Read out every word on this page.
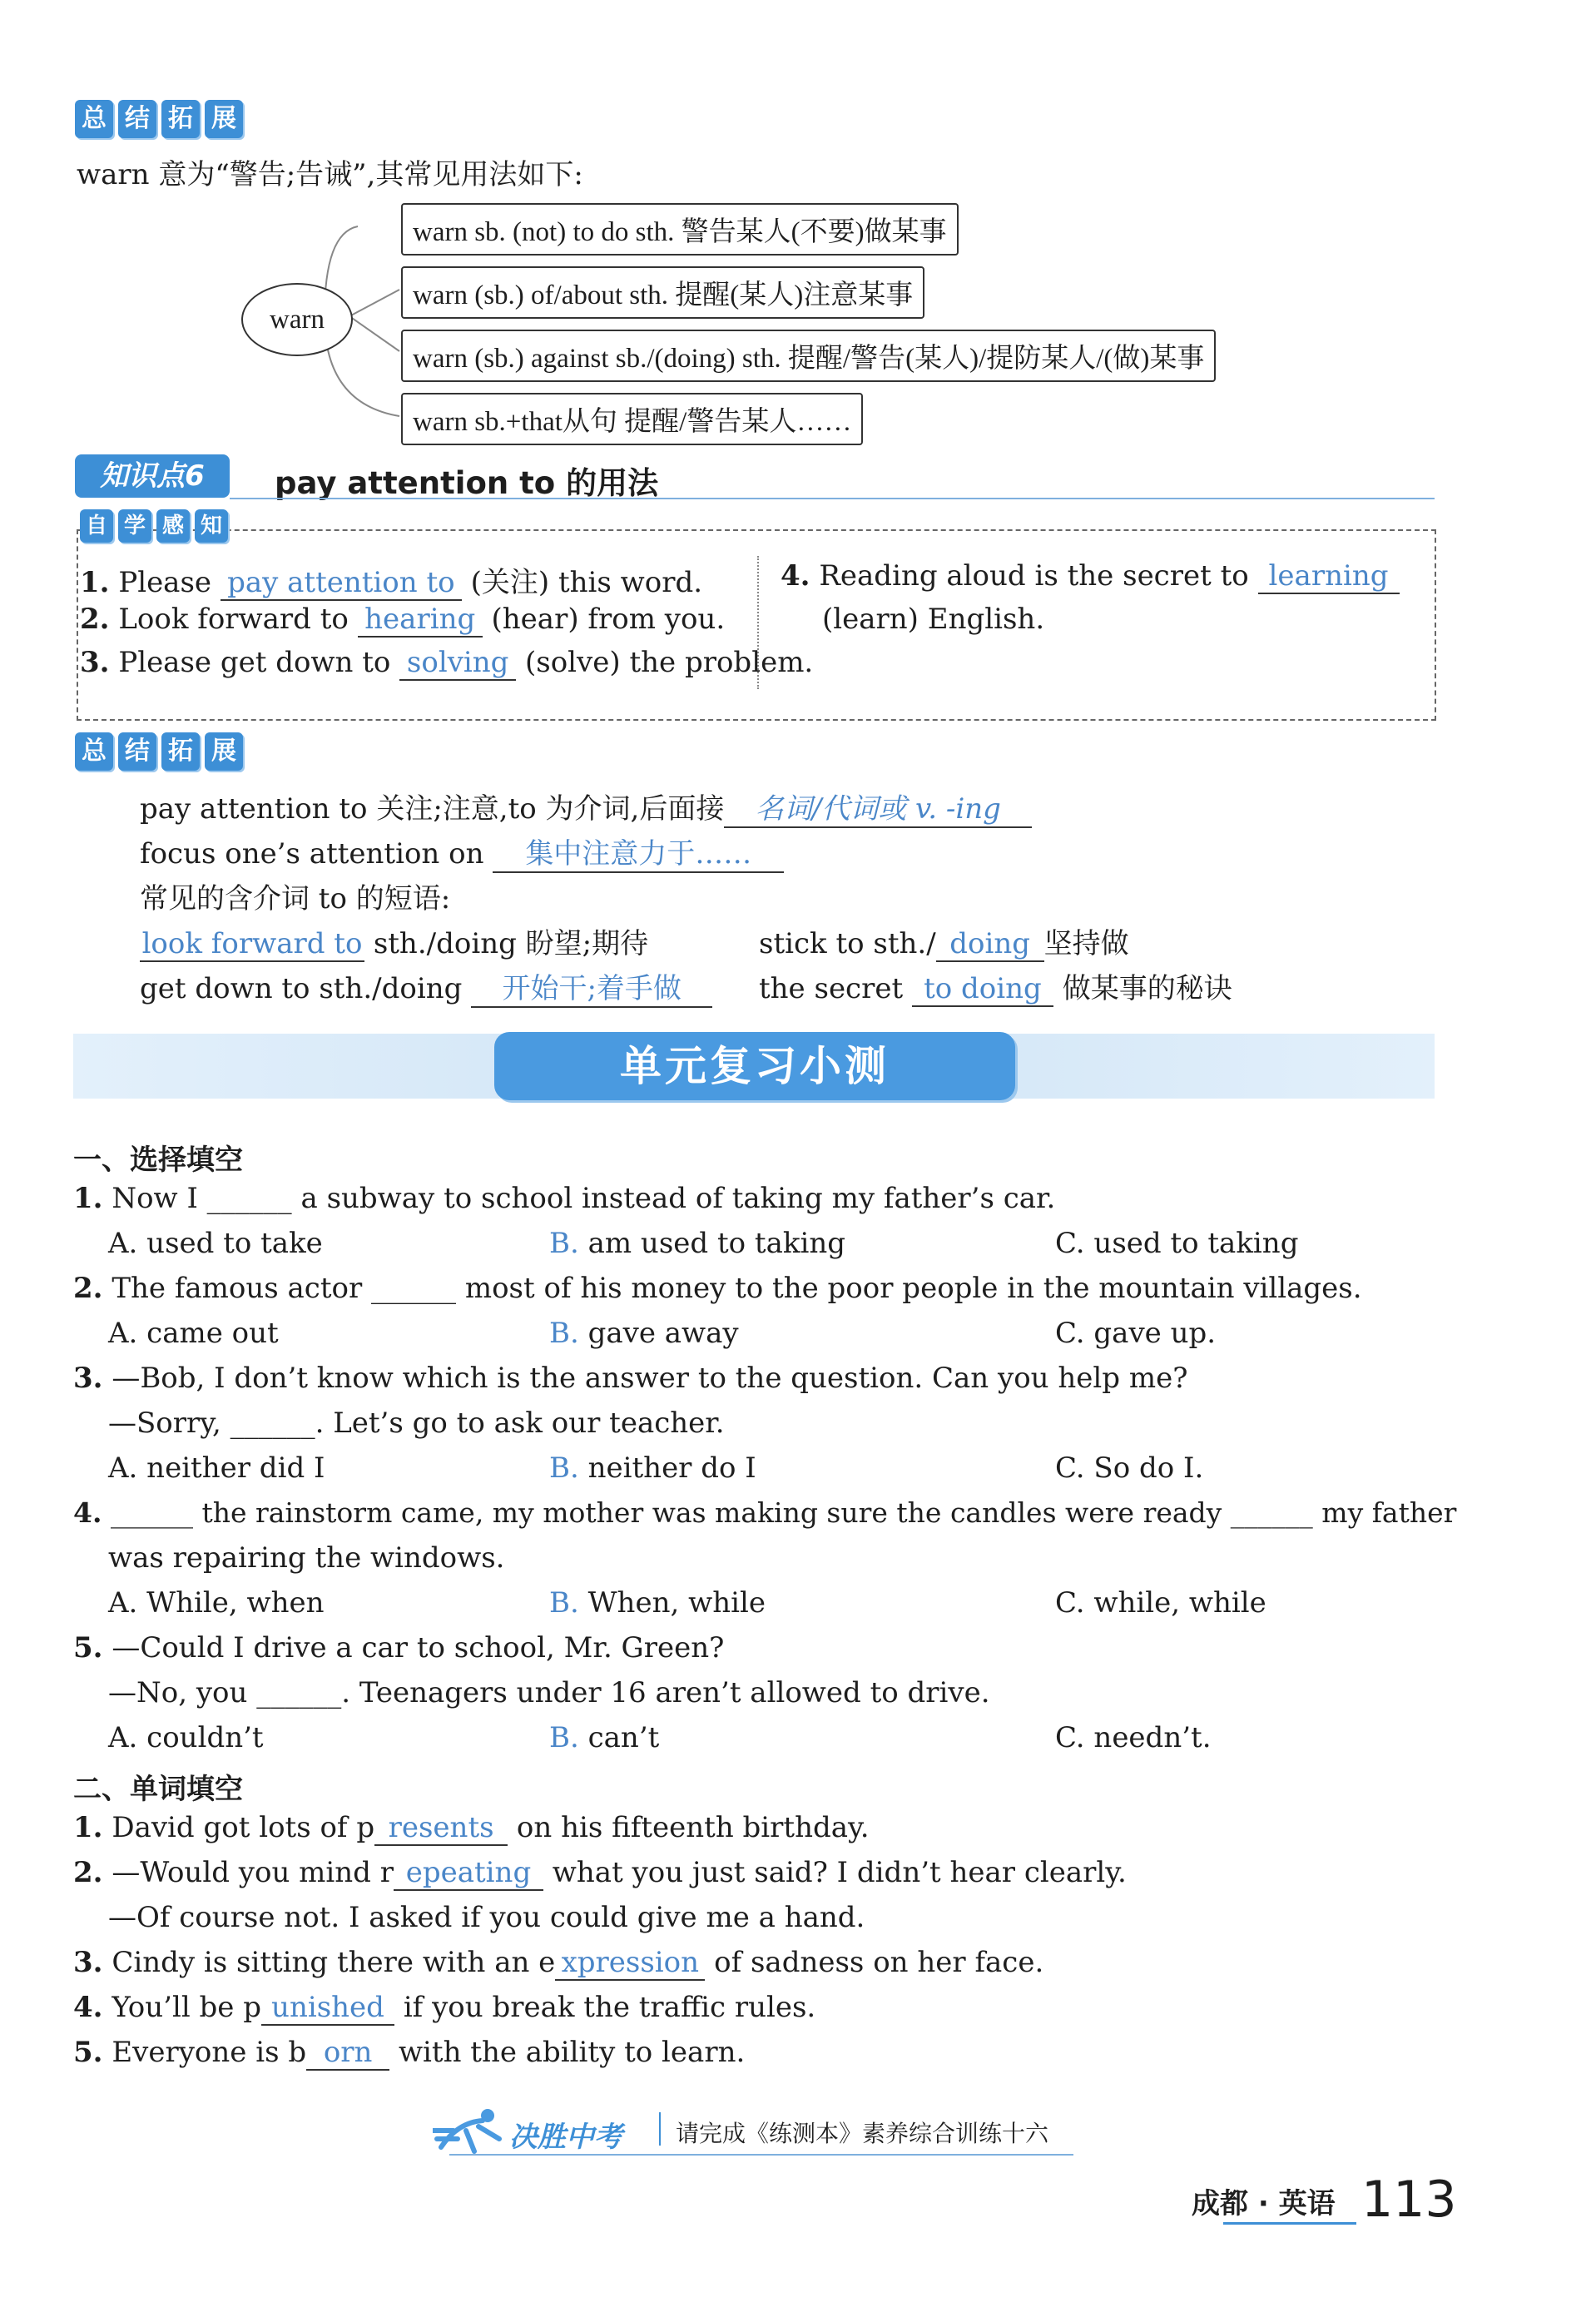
总 结 拓 展
warn 意为“警告;告诫”,其常见用法如下:
warn
warn sb. (not) to do sth. 警告某人(不要)做某事
warn (sb.) of/about sth. 提醒(某人)注意某事
warn (sb.) against sb./(doing) sth. 提醒/警告(某人)/提防某人/(做)某事
warn sb.+that从句 提醒/警告某人……
知识点6	pay attention to 的用法
自 学 感 知
1. Please pay attention to (关注) this word.
2. Look forward to hearing (hear) from you.
3. Please get down to solving (solve) the problem.
4. Reading aloud is the secret to learning
(learn) English.
总 结 拓 展
pay attention to 关注;注意,to 为介词,后面接 名词/代词或 v. -ing
focus one’s attention on 集中注意力于……
常见的含介词 to 的短语:
look forward to sth./doing 盼望;期待	stick to sth./ doing 坚持做
get down to sth./doing 开始干;着手做	the secret to doing 做某事的秘诀
单元复习小测
一、选择填空
1. Now I ______ a subway to school instead of taking my father’s car.
A. used to take	B. am used to taking	C. used to taking
2. The famous actor ______ most of his money to the poor people in the mountain villages.
A. came out	B. gave away	C. gave up.
3. —Bob, I don’t know which is the answer to the question. Can you help me?
—Sorry, ______. Let’s go to ask our teacher.
A. neither did I	B. neither do I	C. So do I.
4. ______ the rainstorm came, my mother was making sure the candles were ready ______ my father
was repairing the windows.
A. While, when	B. When, while	C. while, while
5. —Could I drive a car to school, Mr. Green?
—No, you ______. Teenagers under 16 aren’t allowed to drive.
A. couldn’t	B. can’t	C. needn’t.
二、单词填空
1. David got lots of p resents on his fifteenth birthday.
2. —Would you mind r epeating what you just said? I didn’t hear clearly.
—Of course not. I asked if you could give me a hand.
3. Cindy is sitting there with an e xpression of sadness on her face.
4. You’ll be p unished if you break the traffic rules.
5. Everyone is b orn with the ability to learn.
决胜中考 请完成《练测本》素养综合训练十六
成都 · 英语 113
